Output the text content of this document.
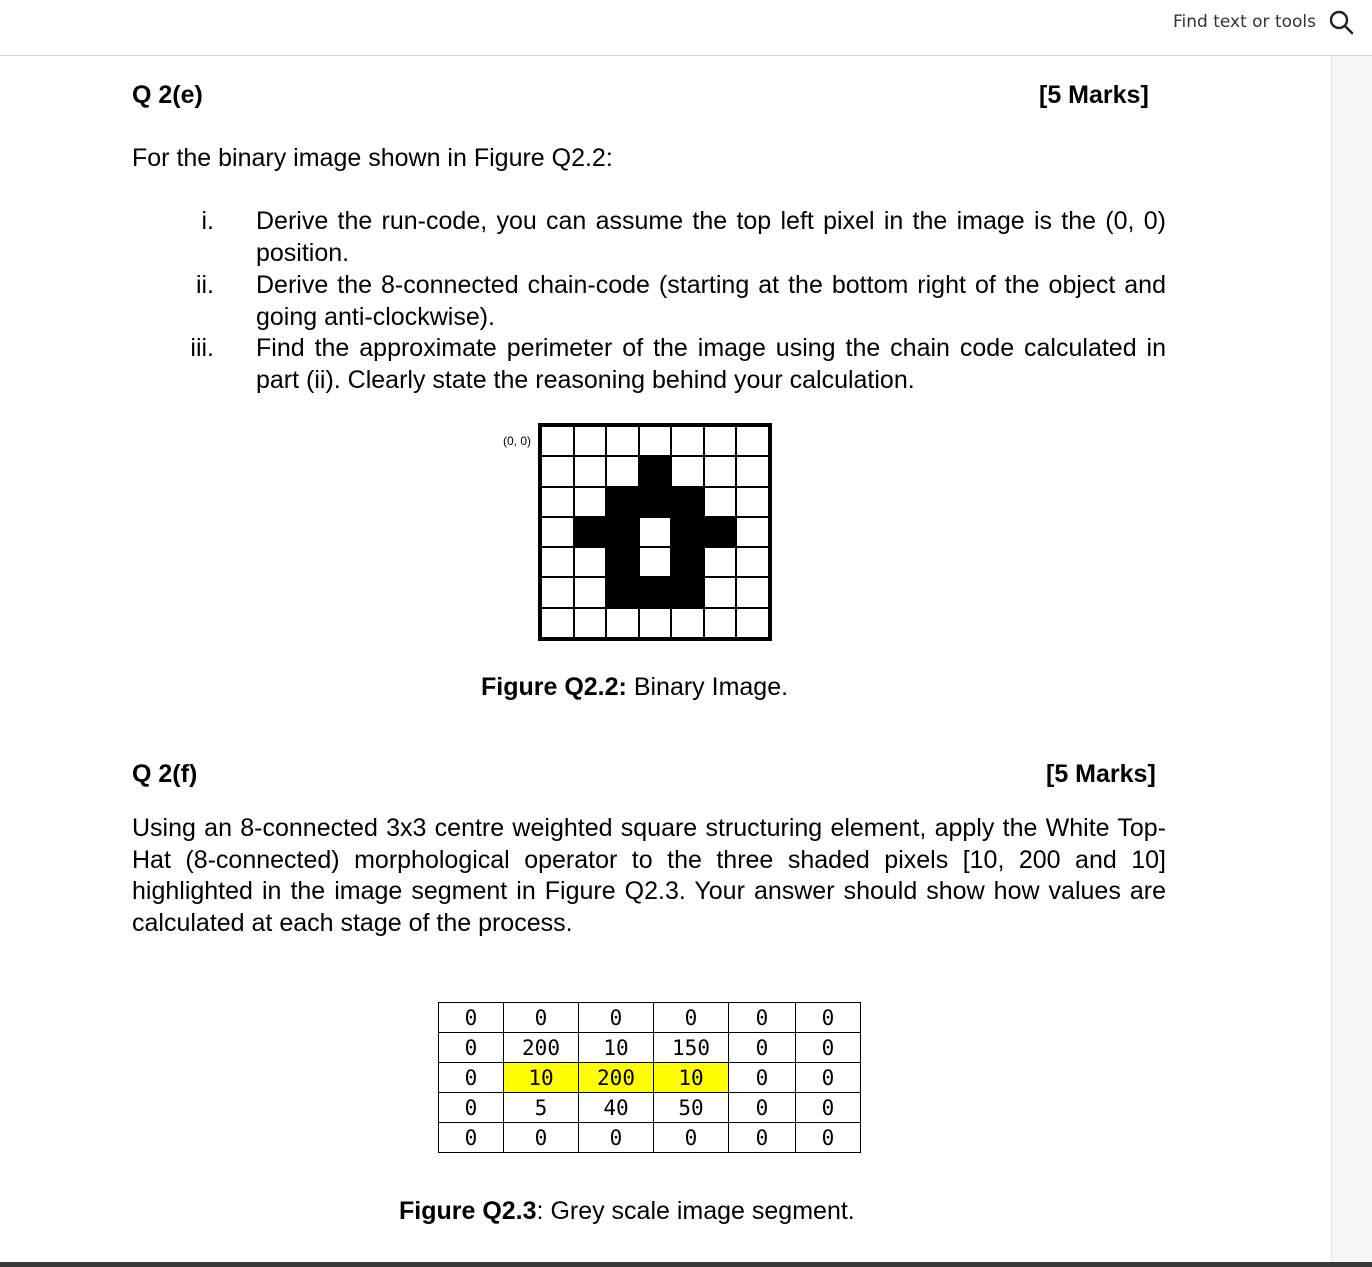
Find text or tools
Q 2(e)	[5 Marks]
For the binary image shown in Figure Q2.2:
i. Derive the run-code, you can assume the top left pixel in the image is the (0, 0) position.
ii. Derive the 8-connected chain-code (starting at the bottom right of the object and going anti-clockwise).
iii. Find the approximate perimeter of the image using the chain code calculated in part (ii). Clearly state the reasoning behind your calculation.
(0, 0)
Figure Q2.2: Binary Image.
Q 2(f)	[5 Marks]
Using an 8-connected 3x3 centre weighted square structuring element, apply the White Top-Hat (8-connected) morphological operator to the three shaded pixels [10, 200 and 10] highlighted in the image segment in Figure Q2.3. Your answer should show how values are calculated at each stage of the process.
0	0	0	0	0	0
0	200	10	150	0	0
0	10	200	10	0	0
0	5	40	50	0	0
0	0	0	0	0	0
Figure Q2.3: Grey scale image segment.
